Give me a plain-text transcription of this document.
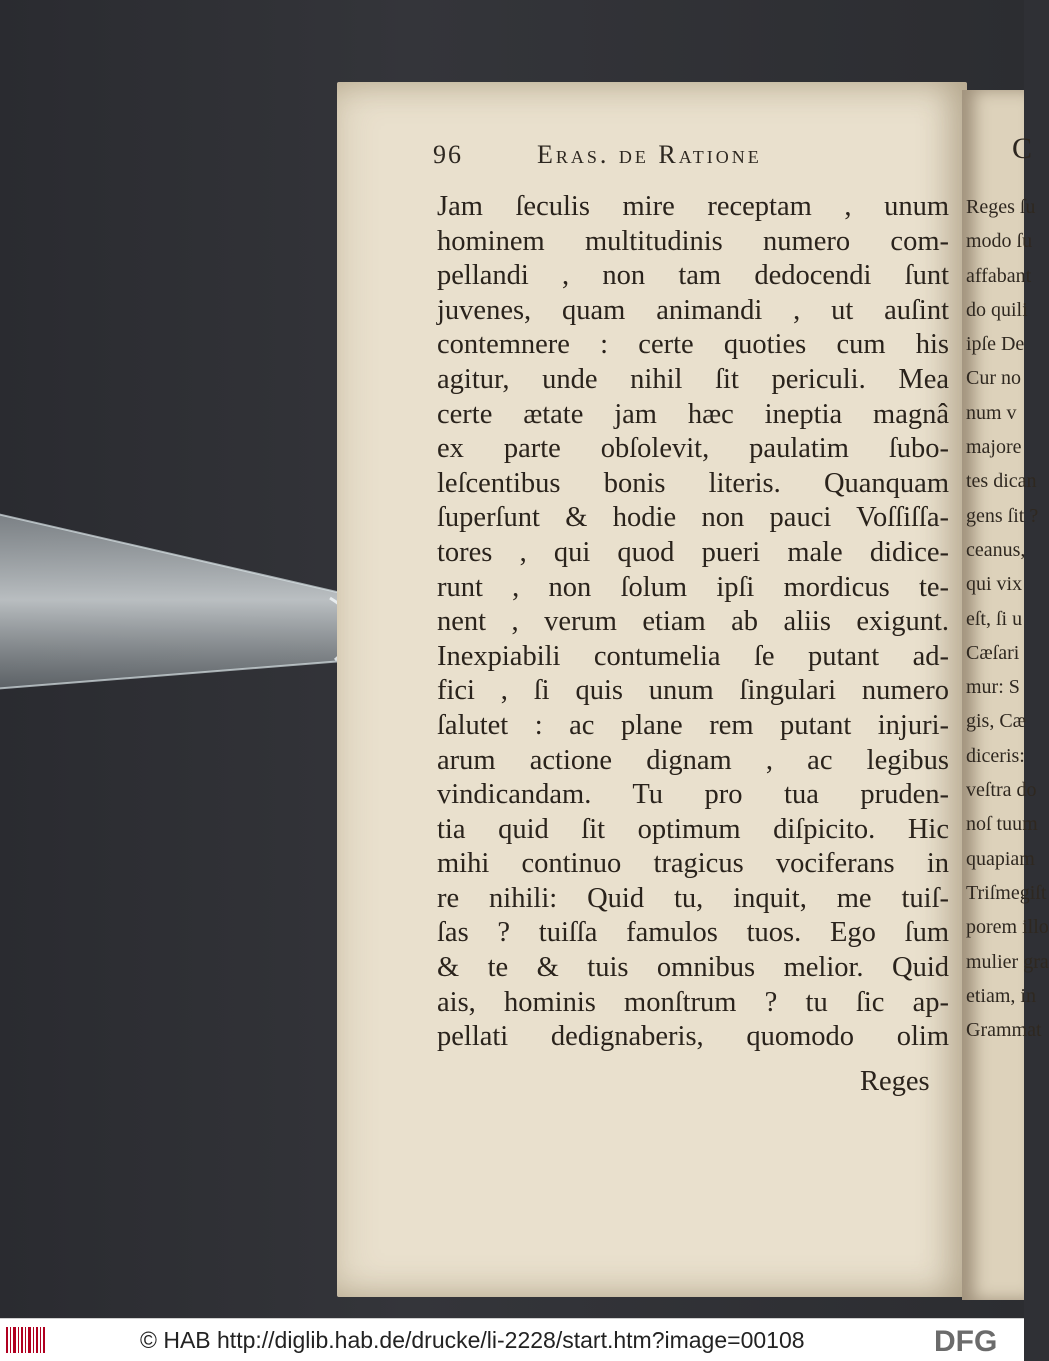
96	Eras. de Ratione
Jam ſeculis mire receptam , unum
hominem multitudinis numero com-
pellandi , non tam dedocendi ſunt
juvenes, quam animandi , ut auſint
contemnere : certe quoties cum his
agitur, unde nihil ſit periculi. Mea
certe ætate jam hæc ineptia magnâ
ex parte obſolevit, paulatim ſubo-
leſcentibus bonis literis. Quanquam
ſuperſunt & hodie non pauci Voſſiſſa-
tores , qui quod pueri male didice-
runt , non ſolum ipſi mordicus te-
nent , verum etiam ab aliis exigunt.
Inexpiabili contumelia ſe putant ad-
fici , ſi quis unum ſingulari numero
ſalutet : ac plane rem putant injuri-
arum actione dignam , ac legibus
vindicandam. Tu pro tua pruden-
tia quid ſit optimum diſpicito. Hic
mihi continuo tragicus vociferans in
re nihili: Quid tu, inquit, me tuiſ-
ſas ? tuiſſa famulos tuos. Ego ſum
& te & tuis omnibus melior. Quid
ais, hominis monſtrum ? tu ſic ap-
pellati dedignaberis, quomodo olim
Reges
C
Reges ſu
modo ſu
affabant
do quili
ipſe De
Cur no
num v
majore
tes dican
gens ſit ?
ceanus,
qui vix
eſt, ſi u
Cæſari
mur: S
gis, Cæ
diceris:
veſtra do
noſ tuum
quapiam
Triſmegiſt
porem illo
mulier gra
etiam, in
Grammat
© HAB http://diglib.hab.de/drucke/li-2228/start.htm?image=00108	DFG
